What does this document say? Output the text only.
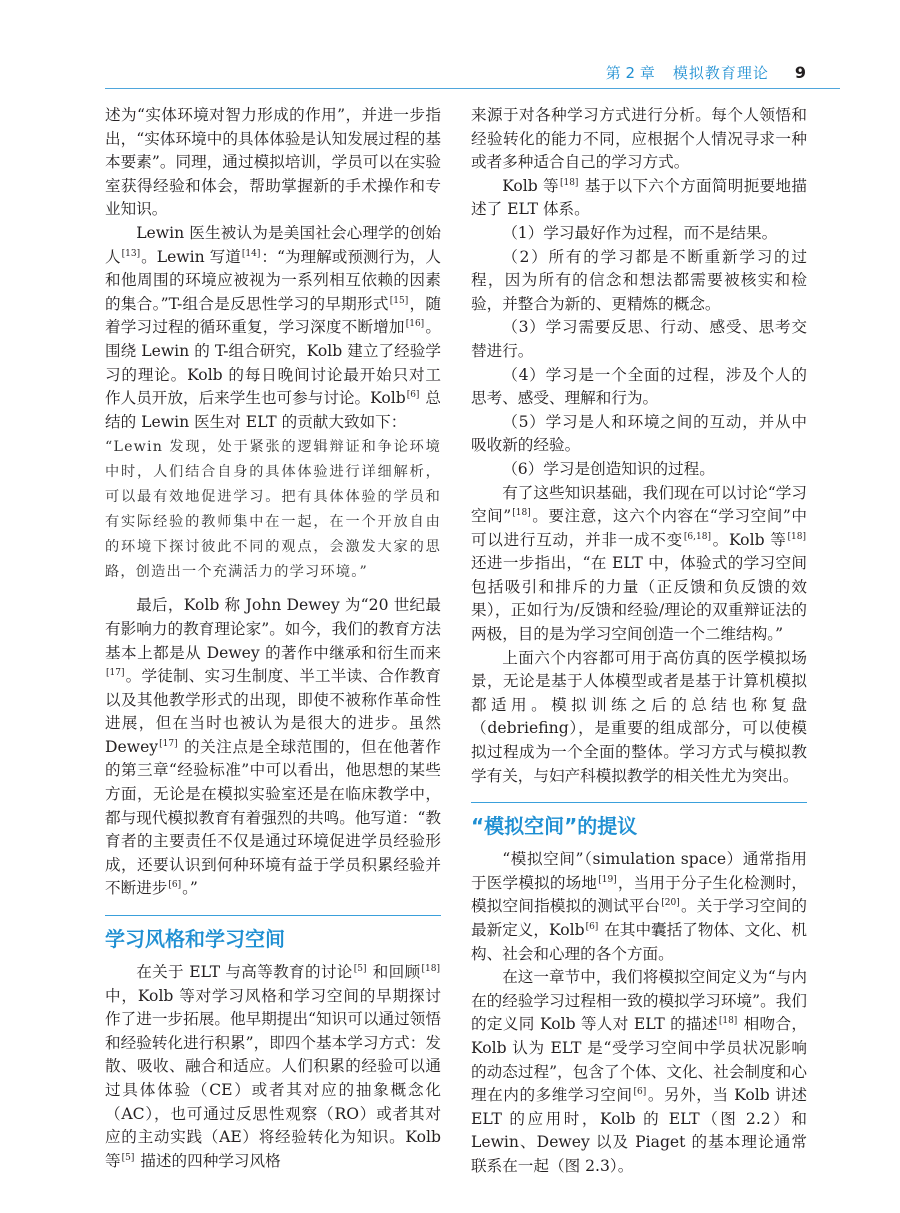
第 2 章 模拟教育理论 9

述为“实体环境对智力形成的作用”，并进一步指出，“实体环境中的具体体验是认知发展过程的基本要素”。同理，通过模拟培训，学员可以在实验室获得经验和体会，帮助掌握新的手术操作和专业知识。

Lewin 医生被认为是美国社会心理学的创始人[13]。Lewin 写道[14]：“为理解或预测行为，人和他周围的环境应被视为一系列相互依赖的因素的集合。”T-组合是反思性学习的早期形式[15]，随着学习过程的循环重复，学习深度不断增加[16]。围绕 Lewin 的 T-组合研究，Kolb 建立了经验学习的理论。Kolb 的每日晚间讨论最开始只对工作人员开放，后来学生也可参与讨论。Kolb[6] 总结的 Lewin 医生对 ELT 的贡献大致如下：

“Lewin 发现，处于紧张的逻辑辩证和争论环境中时，人们结合自身的具体体验进行详细解析，可以最有效地促进学习。把有具体体验的学员和有实际经验的教师集中在一起，在一个开放自由的环境下探讨彼此不同的观点，会激发大家的思路，创造出一个充满活力的学习环境。”

最后，Kolb 称 John Dewey 为“20 世纪最有影响力的教育理论家”。如今，我们的教育方法基本上都是从 Dewey 的著作中继承和衍生而来[17]。学徒制、实习生制度、半工半读、合作教育以及其他教学形式的出现，即使不被称作革命性进展，但在当时也被认为是很大的进步。虽然 Dewey[17] 的关注点是全球范围的，但在他著作的第三章“经验标准”中可以看出，他思想的某些方面，无论是在模拟实验室还是在临床教学中，都与现代模拟教育有着强烈的共鸣。他写道：“教育者的主要责任不仅是通过环境促进学员经验形成，还要认识到何种环境有益于学员积累经验并不断进步[6]。”

学习风格和学习空间

在关于 ELT 与高等教育的讨论[5] 和回顾[18] 中，Kolb 等对学习风格和学习空间的早期探讨作了进一步拓展。他早期提出“知识可以通过领悟和经验转化进行积累”，即四个基本学习方式：发散、吸收、融合和适应。人们积累的经验可以通过具体体验（CE）或者其对应的抽象概念化（AC），也可通过反思性观察（RO）或者其对应的主动实践（AE）将经验转化为知识。Kolb 等[5] 描述的四种学习风格

来源于对各种学习方式进行分析。每个人领悟和经验转化的能力不同，应根据个人情况寻求一种或者多种适合自己的学习方式。

Kolb 等[18] 基于以下六个方面简明扼要地描述了 ELT 体系。

（1）学习最好作为过程，而不是结果。

（2）所有的学习都是不断重新学习的过程，因为所有的信念和想法都需要被核实和检验，并整合为新的、更精炼的概念。

（3）学习需要反思、行动、感受、思考交替进行。

（4）学习是一个全面的过程，涉及个人的思考、感受、理解和行为。

（5）学习是人和环境之间的互动，并从中吸收新的经验。

（6）学习是创造知识的过程。

有了这些知识基础，我们现在可以讨论“学习空间”[18]。要注意，这六个内容在“学习空间”中可以进行互动，并非一成不变[6,18]。Kolb 等[18] 还进一步指出，“在 ELT 中，体验式的学习空间包括吸引和排斥的力量（正反馈和负反馈的效果），正如行为/反馈和经验/理论的双重辩证法的两极，目的是为学习空间创造一个二维结构。”

上面六个内容都可用于高仿真的医学模拟场景，无论是基于人体模型或者是基于计算机模拟都适用。模拟训练之后的总结也称复盘（debriefing），是重要的组成部分，可以使模拟过程成为一个全面的整体。学习方式与模拟教学有关，与妇产科模拟教学的相关性尤为突出。

“模拟空间”的提议

“模拟空间”（simulation space）通常指用于医学模拟的场地[19]，当用于分子生化检测时，模拟空间指模拟的测试平台[20]。关于学习空间的最新定义，Kolb[6] 在其中囊括了物体、文化、机构、社会和心理的各个方面。

在这一章节中，我们将模拟空间定义为“与内在的经验学习过程相一致的模拟学习环境”。我们的定义同 Kolb 等人对 ELT 的描述[18] 相吻合，Kolb 认为 ELT 是“受学习空间中学员状况影响的动态过程”，包含了个体、文化、社会制度和心理在内的多维学习空间[6]。另外，当 Kolb 讲述 ELT 的应用时，Kolb 的 ELT（图 2.2）和 Lewin、Dewey 以及 Piaget 的基本理论通常联系在一起（图 2.3）。
